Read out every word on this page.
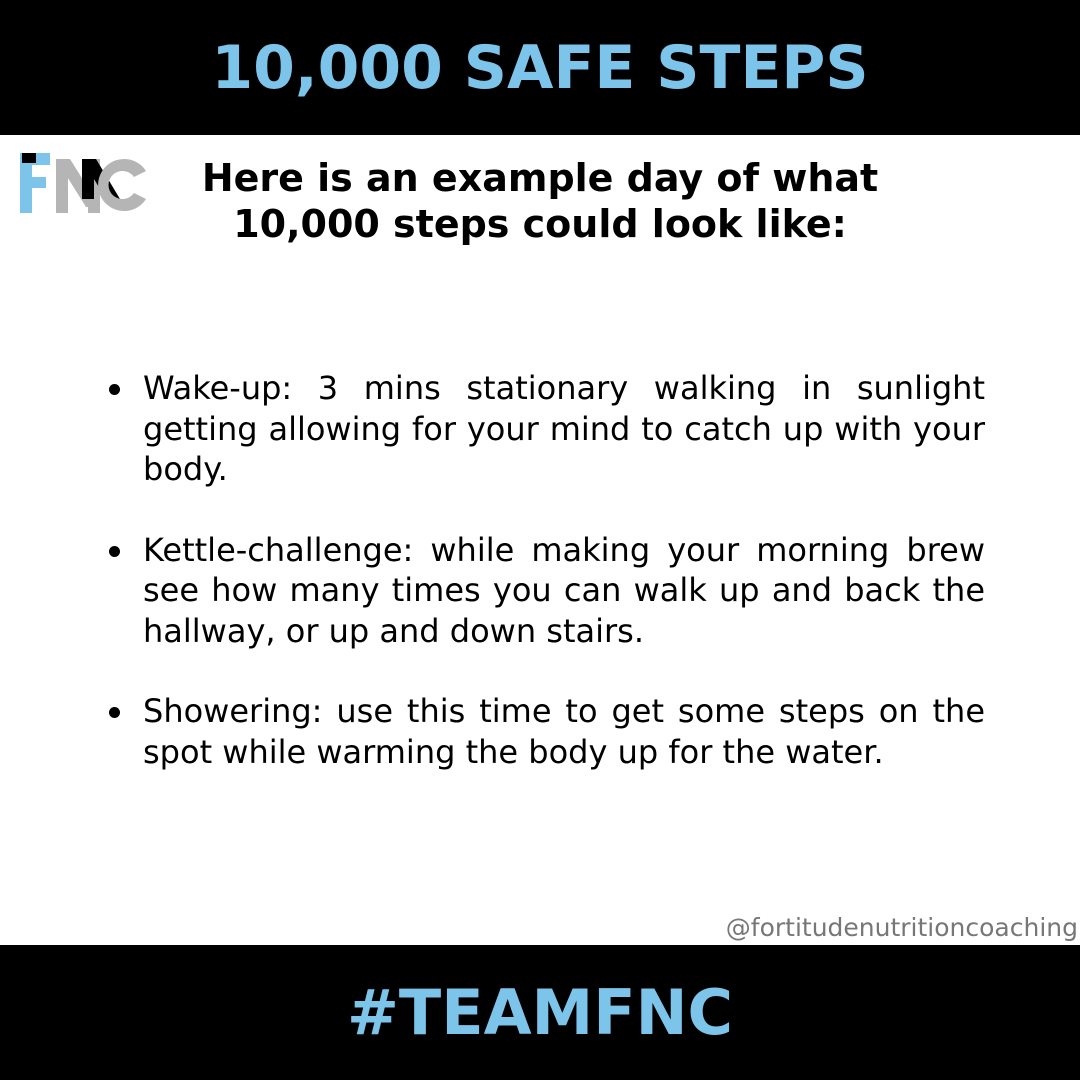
10,000 SAFE STEPS
Here is an example day of what
10,000 steps could look like:
Wake-up: 3 mins stationary walking in sunlight getting allowing for your mind to catch up with your body.
Kettle-challenge: while making your morning brew see how many times you can walk up and back the hallway, or up and down stairs.
Showering: use this time to get some steps on the spot while warming the body up for the water.

@fortitudenutritioncoaching

#TEAMFNC
